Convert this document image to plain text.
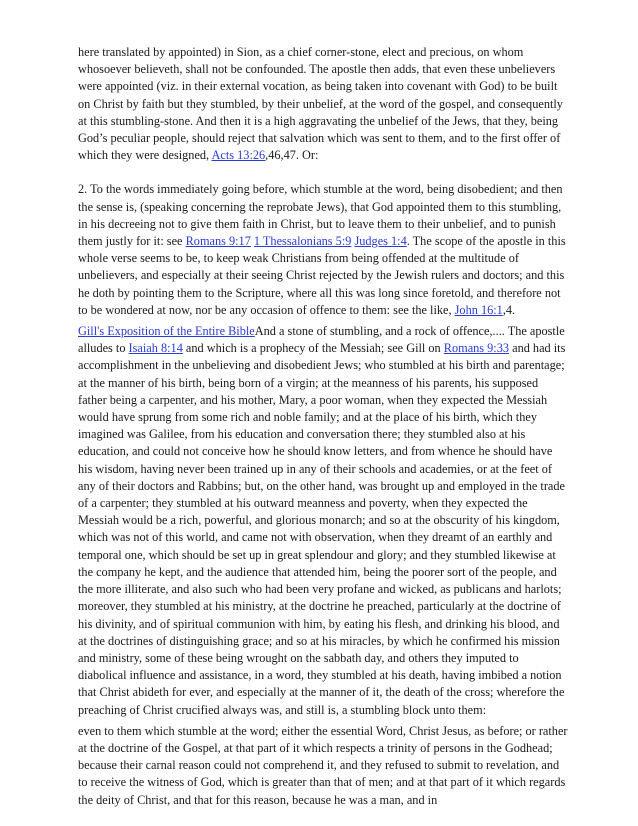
here translated by appointed) in Sion, as a chief corner-stone, elect and precious, on whom whosoever believeth, shall not be confounded. The apostle then adds, that even these unbelievers were appointed (viz. in their external vocation, as being taken into covenant with God) to be built on Christ by faith but they stumbled, by their unbelief, at the word of the gospel, and consequently at this stumbling-stone. And then it is a high aggravating the unbelief of the Jews, that they, being God’s peculiar people, should reject that salvation which was sent to them, and to the first offer of which they were designed, Acts 13:26,46,47. Or:

2. To the words immediately going before, which stumble at the word, being disobedient; and then the sense is, (speaking concerning the reprobate Jews), that God appointed them to this stumbling, in his decreeing not to give them faith in Christ, but to leave them to their unbelief, and to punish them justly for it: see Romans 9:17 1 Thessalonians 5:9 Judges 1:4. The scope of the apostle in this whole verse seems to be, to keep weak Christians from being offended at the multitude of unbelievers, and especially at their seeing Christ rejected by the Jewish rulers and doctors; and this he doth by pointing them to the Scripture, where all this was long since foretold, and therefore not to be wondered at now, nor be any occasion of offence to them: see the like, John 16:1,4.

Gill's Exposition of the Entire BibleAnd a stone of stumbling, and a rock of offence,.... The apostle alludes to Isaiah 8:14 and which is a prophecy of the Messiah; see Gill on Romans 9:33 and had its accomplishment in the unbelieving and disobedient Jews; who stumbled at his birth and parentage; at the manner of his birth, being born of a virgin; at the meanness of his parents, his supposed father being a carpenter, and his mother, Mary, a poor woman, when they expected the Messiah would have sprung from some rich and noble family; and at the place of his birth, which they imagined was Galilee, from his education and conversation there; they stumbled also at his education, and could not conceive how he should know letters, and from whence he should have his wisdom, having never been trained up in any of their schools and academies, or at the feet of any of their doctors and Rabbins; but, on the other hand, was brought up and employed in the trade of a carpenter; they stumbled at his outward meanness and poverty, when they expected the Messiah would be a rich, powerful, and glorious monarch; and so at the obscurity of his kingdom, which was not of this world, and came not with observation, when they dreamt of an earthly and temporal one, which should be set up in great splendour and glory; and they stumbled likewise at the company he kept, and the audience that attended him, being the poorer sort of the people, and the more illiterate, and also such who had been very profane and wicked, as publicans and harlots; moreover, they stumbled at his ministry, at the doctrine he preached, particularly at the doctrine of his divinity, and of spiritual communion with him, by eating his flesh, and drinking his blood, and at the doctrines of distinguishing grace; and so at his miracles, by which he confirmed his mission and ministry, some of these being wrought on the sabbath day, and others they imputed to diabolical influence and assistance, in a word, they stumbled at his death, having imbibed a notion that Christ abideth for ever, and especially at the manner of it, the death of the cross; wherefore the preaching of Christ crucified always was, and still is, a stumbling block unto them:

even to them which stumble at the word; either the essential Word, Christ Jesus, as before; or rather at the doctrine of the Gospel, at that part of it which respects a trinity of persons in the Godhead; because their carnal reason could not comprehend it, and they refused to submit to revelation, and to receive the witness of God, which is greater than that of men; and at that part of it which regards the deity of Christ, and that for this reason, because he was a man, and in
